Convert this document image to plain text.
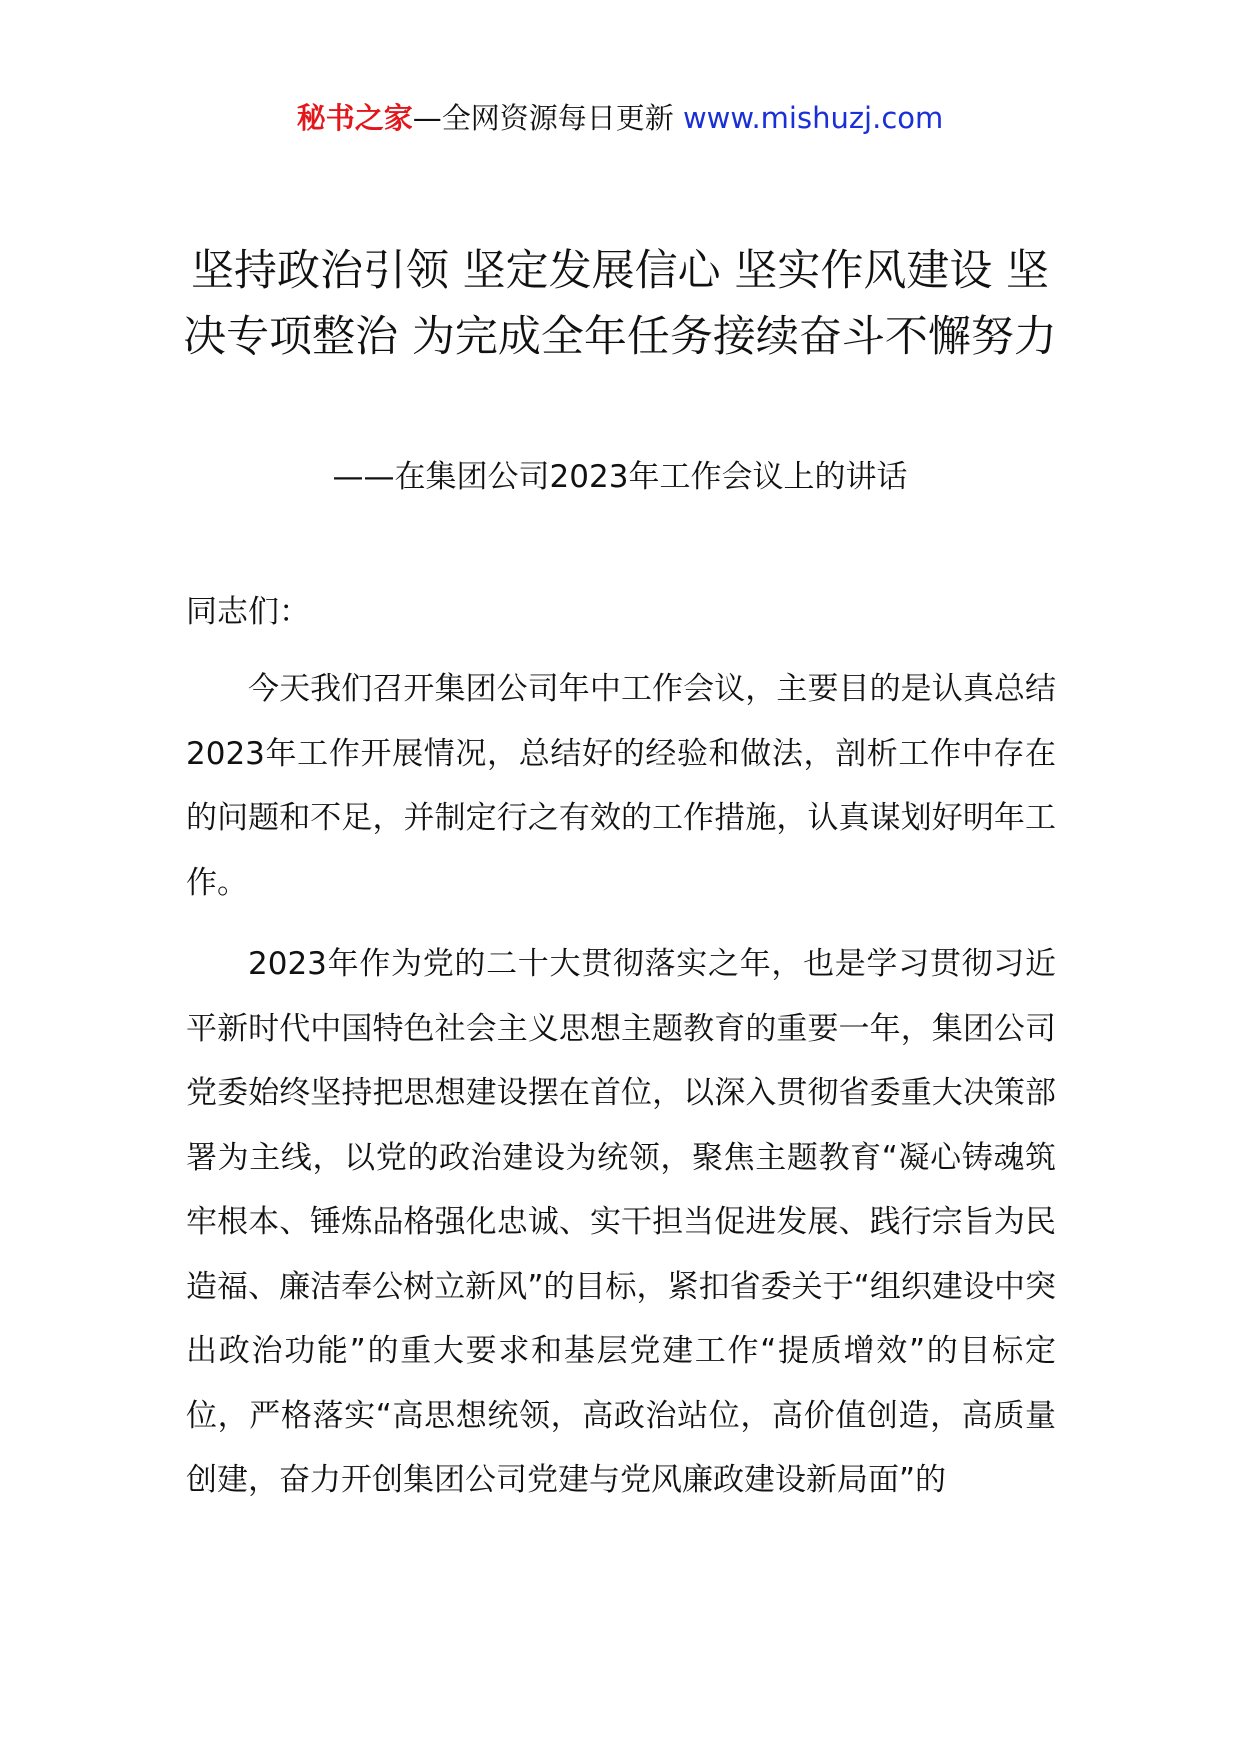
秘书之家—全网资源每日更新 www.mishuzj.com
坚持政治引领 坚定发展信心 坚实作风建设 坚决专项整治 为完成全年任务接续奋斗不懈努力
——在集团公司2023年工作会议上的讲话
同志们：
今天我们召开集团公司年中工作会议，主要目的是认真总结2023年工作开展情况，总结好的经验和做法，剖析工作中存在的问题和不足，并制定行之有效的工作措施，认真谋划好明年工作。
2023年作为党的二十大贯彻落实之年，也是学习贯彻习近平新时代中国特色社会主义思想主题教育的重要一年，集团公司党委始终坚持把思想建设摆在首位，以深入贯彻省委重大决策部署为主线，以党的政治建设为统领，聚焦主题教育“凝心铸魂筑牢根本、锤炼品格强化忠诚、实干担当促进发展、践行宗旨为民造福、廉洁奉公树立新风”的目标，紧扣省委关于“组织建设中突出政治功能”的重大要求和基层党建工作“提质增效”的目标定位，严格落实“高思想统领，高政治站位，高价值创造，高质量创建，奋力开创集团公司党建与党风廉政建设新局面”的
